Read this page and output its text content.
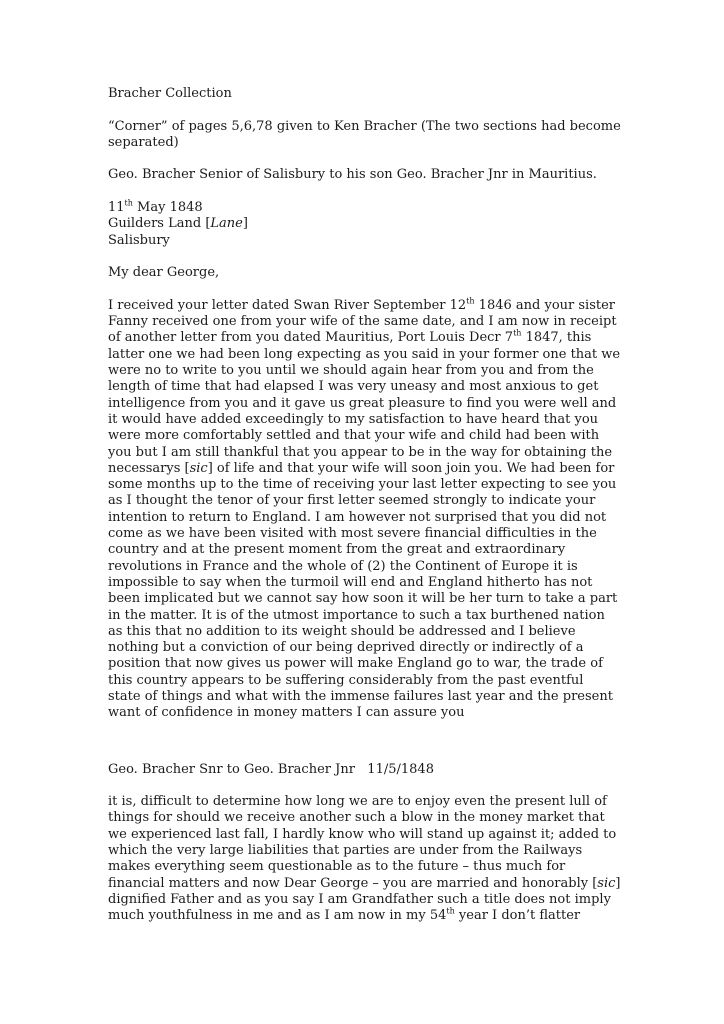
Bracher Collection

“Corner” of pages 5,6,78 given to Ken Bracher (The two sections had become
separated)

Geo. Bracher Senior of Salisbury to his son Geo. Bracher Jnr in Mauritius.

11th May 1848
Guilders Land [Lane]
Salisbury

My dear George,

I received your letter dated Swan River September 12th 1846 and your sister
Fanny received one from your wife of the same date, and I am now in receipt
of another letter from you dated Mauritius, Port Louis Decr 7th 1847, this
latter one we had been long expecting as you said in your former one that we
were no to write to you until we should again hear from you and from the
length of time that had elapsed I was very uneasy and most anxious to get
intelligence from you and it gave us great pleasure to find you were well and
it would have added exceedingly to my satisfaction to have heard that you
were more comfortably settled and that your wife and child had been with
you but I am still thankful that you appear to be in the way for obtaining the
necessarys [sic] of life and that your wife will soon join you. We had been for
some months up to the time of receiving your last letter expecting to see you
as I thought the tenor of your first letter seemed strongly to indicate your
intention to return to England. I am however not surprised that you did not
come as we have been visited with most severe financial difficulties in the
country and at the present moment from the great and extraordinary
revolutions in France and the whole of (2) the Continent of Europe it is
impossible to say when the turmoil will end and England hitherto has not
been implicated but we cannot say how soon it will be her turn to take a part
in the matter. It is of the utmost importance to such a tax burthened nation
as this that no addition to its weight should be addressed and I believe
nothing but a conviction of our being deprived directly or indirectly of a
position that now gives us power will make England go to war, the trade of
this country appears to be suffering considerably from the past eventful
state of things and what with the immense failures last year and the present
want of confidence in money matters I can assure you

Geo. Bracher Snr to Geo. Bracher Jnr   11/5/1848

it is, difficult to determine how long we are to enjoy even the present lull of
things for should we receive another such a blow in the money market that
we experienced last fall, I hardly know who will stand up against it; added to
which the very large liabilities that parties are under from the Railways
makes everything seem questionable as to the future – thus much for
financial matters and now Dear George – you are married and honorably [sic]
dignified Father and as you say I am Grandfather such a title does not imply
much youthfulness in me and as I am now in my 54th year I don’t flatter
